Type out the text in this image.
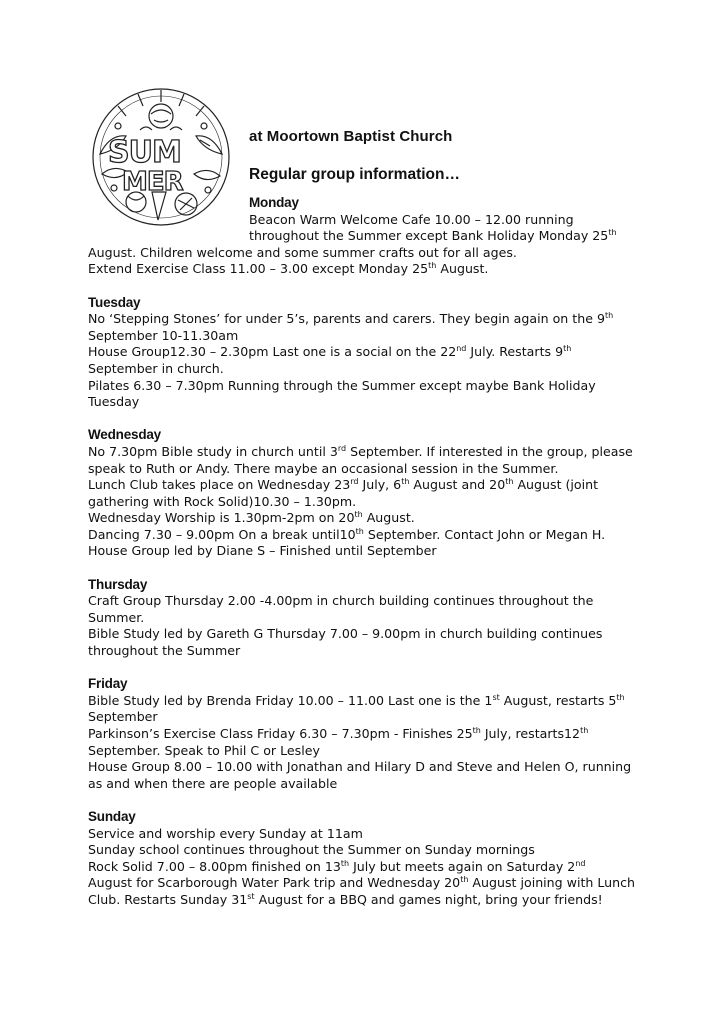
SUM
MER
at Moortown Baptist Church
Regular group information…

Monday

Beacon Warm Welcome Cafe 10.00 – 12.00 running

throughout the Summer except Bank Holiday Monday 25th

August. Children welcome and some summer crafts out for all ages.

Extend Exercise Class 11.00 – 3.00 except Monday 25th August.

Tuesday

No ‘Stepping Stones’ for under 5’s, parents and carers. They begin again on the 9th

September 10-11.30am

House Group12.30 – 2.30pm Last one is a social on the 22nd July. Restarts 9th

September in church.

Pilates 6.30 – 7.30pm Running through the Summer except maybe Bank Holiday

Tuesday

Wednesday

No 7.30pm Bible study in church until 3rd September. If interested in the group, please

speak to Ruth or Andy. There maybe an occasional session in the Summer.

Lunch Club takes place on Wednesday 23rd July, 6th August and 20th August (joint

gathering with Rock Solid)10.30 – 1.30pm.

Wednesday Worship is 1.30pm-2pm on 20th August.

Dancing 7.30 – 9.00pm On a break until10th September. Contact John or Megan H.

House Group led by Diane S – Finished until September

Thursday

Craft Group Thursday 2.00 -4.00pm in church building continues throughout the

Summer.

Bible Study led by Gareth G Thursday 7.00 – 9.00pm in church building continues

throughout the Summer

Friday

Bible Study led by Brenda Friday 10.00 – 11.00 Last one is the 1st August, restarts 5th

September

Parkinson’s Exercise Class Friday 6.30 – 7.30pm - Finishes 25th July, restarts12th

September. Speak to Phil C or Lesley

House Group 8.00 – 10.00 with Jonathan and Hilary D and Steve and Helen O, running

as and when there are people available

Sunday

Service and worship every Sunday at 11am

Sunday school continues throughout the Summer on Sunday mornings

Rock Solid 7.00 – 8.00pm finished on 13th July but meets again on Saturday 2nd

August for Scarborough Water Park trip and Wednesday 20th August joining with Lunch

Club. Restarts Sunday 31st August for a BBQ and games night, bring your friends!
